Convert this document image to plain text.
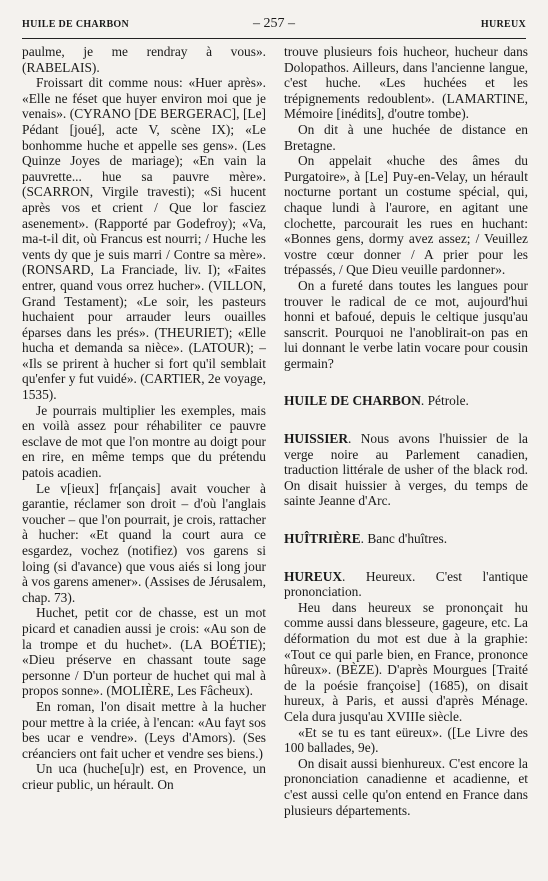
HUILE DE CHARBON	– 257 –	HUREUX

paulme, je me rendray à vous». (RABELAIS).

Froissart dit comme nous: «Huer après». «Elle ne féset que huyer environ moi que je venais». (CYRANO [DE BERGERAC], [Le] Pédant [joué], acte V, scène IX); «Le bonhomme huche et appelle ses gens». (Les Quinze Joyes de mariage); «En vain la pauvrette... hue sa pauvre mère». (SCARRON, Virgile travesti); «Si hucent après vos et crient / Que lor fasciez asenement». (Rapporté par Godefroy); «Va, ma-t-il dit, où Francus est nourri; / Huche les vents dy que je suis marri / Contre sa mère». (RONSARD, La Franciade, liv. I); «Faites entrer, quand vous orrez hucher». (VILLON, Grand Testament); «Le soir, les pasteurs huchaient pour arrauder leurs ouailles éparses dans les prés». (THEURIET); «Elle hucha et demanda sa nièce». (LATOUR); – «Ils se prirent à hucher si fort qu'il semblait qu'enfer y fut vuidé». (CARTIER, 2e voyage, 1535).

Je pourrais multiplier les exemples, mais en voilà assez pour réhabiliter ce pauvre esclave de mot que l'on montre au doigt pour en rire, en même temps que du prétendu patois acadien.

Le v[ieux] fr[ançais] avait voucher à garantie, réclamer son droit – d'où l'anglais voucher – que l'on pourrait, je crois, rattacher à hucher: «Et quand la court aura ce esgardez, vochez (notifiez) vos garens si loing (si d'avance) que vous aiés si long jour à vos garens amener». (Assises de Jérusalem, chap. 73).

Huchet, petit cor de chasse, est un mot picard et canadien aussi je crois: «Au son de la trompe et du huchet». (LA BOÉTIE); «Dieu préserve en chassant toute sage personne / D'un porteur de huchet qui mal à propos sonne». (MOLIÈRE, Les Fâcheux).

En roman, l'on disait mettre à la hucher pour mettre à la criée, à l'encan: «Au fayt sos bes ucar e vendre». (Leys d'Amors). (Ses créanciers ont fait ucher et vendre ses biens.)

Un uca (huche[u]r) est, en Provence, un crieur public, un hérault. On

trouve plusieurs fois hucheor, hucheur dans Dolopathos. Ailleurs, dans l'ancienne langue, c'est huche. «Les huchées et les trépignements redoublent». (LAMARTINE, Mémoire [inédits], d'outre tombe).

On dit à une huchée de distance en Bretagne.

On appelait «huche des âmes du Purgatoire», à [Le] Puy-en-Velay, un hérault nocturne portant un costume spécial, qui, chaque lundi à l'aurore, en agitant une clochette, parcourait les rues en huchant: «Bonnes gens, dormy avez assez; / Veuillez vostre cœur donner / A prier pour les trépassés, / Que Dieu veuille pardonner».

On a fureté dans toutes les langues pour trouver le radical de ce mot, aujourd'hui honni et bafoué, depuis le celtique jusqu'au sanscrit. Pourquoi ne l'anoblirait-on pas en lui donnant le verbe latin vocare pour cousin germain?

HUILE DE CHARBON. Pétrole.

HUISSIER. Nous avons l'huissier de la verge noire au Parlement canadien, traduction littérale de usher of the black rod. On disait huissier à verges, du temps de sainte Jeanne d'Arc.

HUÎTRIÈRE. Banc d'huîtres.

HUREUX. Heureux. C'est l'antique prononciation.

Heu dans heureux se prononçait hu comme aussi dans blesseure, gageure, etc. La déformation du mot est due à la graphie: «Tout ce qui parle bien, en France, prononce hûreux». (BÈZE). D'après Mourgues [Traité de la poésie françoise] (1685), on disait hureux, à Paris, et aussi d'après Ménage. Cela dura jusqu'au XVIIIe siècle.

«Et se tu es tant eüreux». ([Le Livre des 100 ballades, 9e).

On disait aussi bienhureux. C'est encore la prononciation canadienne et acadienne, et c'est aussi celle qu'on entend en France dans plusieurs départements.
